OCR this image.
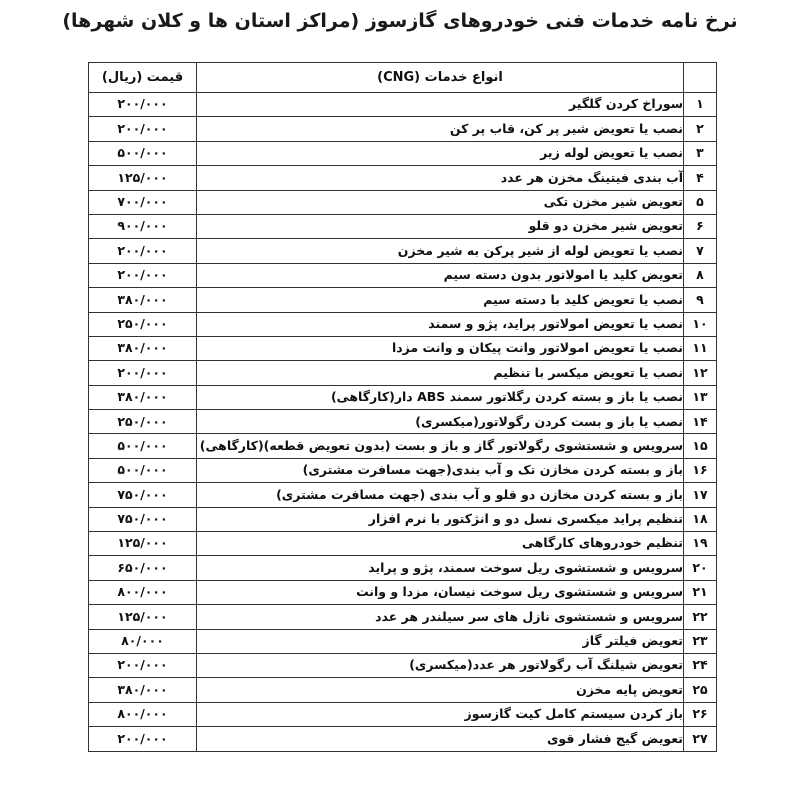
نرخ نامه خدمات فنی خودروهای گازسوز (مراکز استان ها و کلان شهرها)
	انواع خدمات (CNG)	قیمت (ریال)
۱	سوراخ کردن گلگیر	۲۰۰/۰۰۰
۲	نصب یا تعویض شیر پر کن، قاب پر کن	۲۰۰/۰۰۰
۳	نصب یا تعویض لوله زیر	۵۰۰/۰۰۰
۴	آب بندی فیتینگ مخزن هر عدد	۱۲۵/۰۰۰
۵	تعویض شیر مخزن تکی	۷۰۰/۰۰۰
۶	تعویض شیر مخزن دو قلو	۹۰۰/۰۰۰
۷	نصب یا تعویض لوله از شیر پرکن به شیر مخزن	۲۰۰/۰۰۰
۸	تعویض کلید یا امولاتور بدون دسته سیم	۲۰۰/۰۰۰
۹	نصب یا تعویض کلید با دسته سیم	۳۸۰/۰۰۰
۱۰	نصب یا تعویض امولاتور پراید، پژو و سمند	۲۵۰/۰۰۰
۱۱	نصب یا تعویض امولاتور وانت پیکان و وانت مزدا	۳۸۰/۰۰۰
۱۲	نصب یا تعویض میکسر با تنظیم	۲۰۰/۰۰۰
۱۳	نصب یا باز و بسته کردن رگلاتور سمند ABS دار(کارگاهی)	۳۸۰/۰۰۰
۱۴	نصب یا باز و بست کردن رگولاتور(میکسری)	۲۵۰/۰۰۰
۱۵	سرویس و شستشوی رگولاتور گاز و باز و بست (بدون تعویض قطعه)(کارگاهی)	۵۰۰/۰۰۰
۱۶	باز و بسته کردن مخازن تک و آب بندی(جهت مسافرت مشتری)	۵۰۰/۰۰۰
۱۷	باز و بسته کردن مخازن دو قلو و آب بندی (جهت مسافرت مشتری)	۷۵۰/۰۰۰
۱۸	تنظیم پراید میکسری نسل دو و انژکتور با نرم افزار	۷۵۰/۰۰۰
۱۹	تنظیم خودروهای کارگاهی	۱۲۵/۰۰۰
۲۰	سرویس و شستشوی ریل سوخت سمند، پژو و پراید	۶۵۰/۰۰۰
۲۱	سرویس و شستشوی ریل سوخت نیسان، مزدا و وانت	۸۰۰/۰۰۰
۲۲	سرویس و شستشوی نازل های سر سیلندر هر عدد	۱۲۵/۰۰۰
۲۳	تعویض فیلتر گاز	۸۰/۰۰۰
۲۴	تعویض شیلنگ آب رگولاتور هر عدد(میکسری)	۲۰۰/۰۰۰
۲۵	تعویض پایه مخزن	۳۸۰/۰۰۰
۲۶	باز کردن سیستم کامل کیت گازسوز	۸۰۰/۰۰۰
۲۷	تعویض گیج فشار قوی	۲۰۰/۰۰۰
